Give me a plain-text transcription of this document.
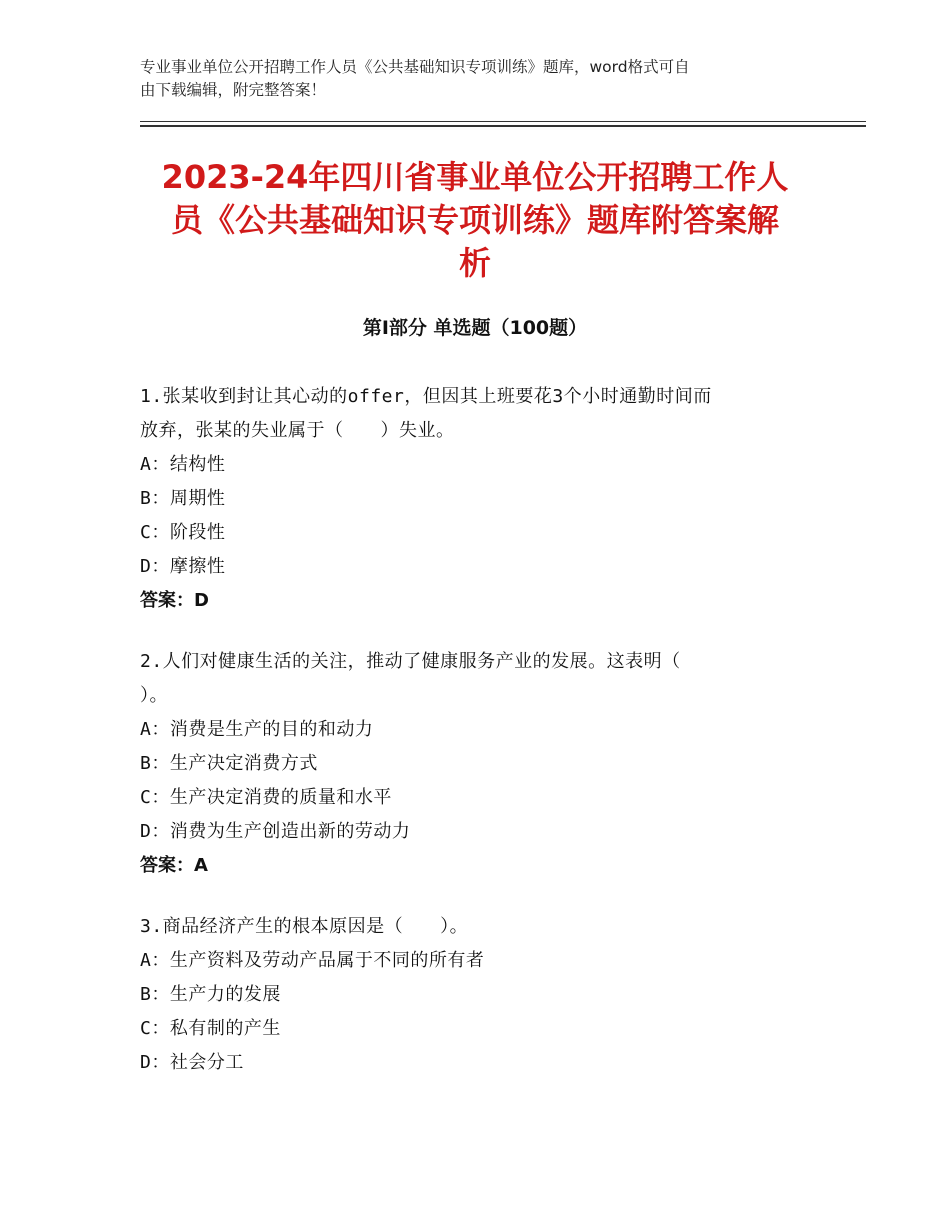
专业事业单位公开招聘工作人员《公共基础知识专项训练》题库，word格式可自
由下载编辑，附完整答案！
2023-24年四川省事业单位公开招聘工作人
员《公共基础知识专项训练》题库附答案解
析
第Ⅰ部分 单选题（100题）
1.张某收到封让其心动的offer，但因其上班要花3个小时通勤时间而
放弃，张某的失业属于（　　）失业。
A：结构性
B：周期性
C：阶段性
D：摩擦性
答案：D
2.人们对健康生活的关注，推动了健康服务产业的发展。这表明（
）。
A：消费是生产的目的和动力
B：生产决定消费方式
C：生产决定消费的质量和水平
D：消费为生产创造出新的劳动力
答案：A
3.商品经济产生的根本原因是（　　）。
A：生产资料及劳动产品属于不同的所有者
B：生产力的发展
C：私有制的产生
D：社会分工
